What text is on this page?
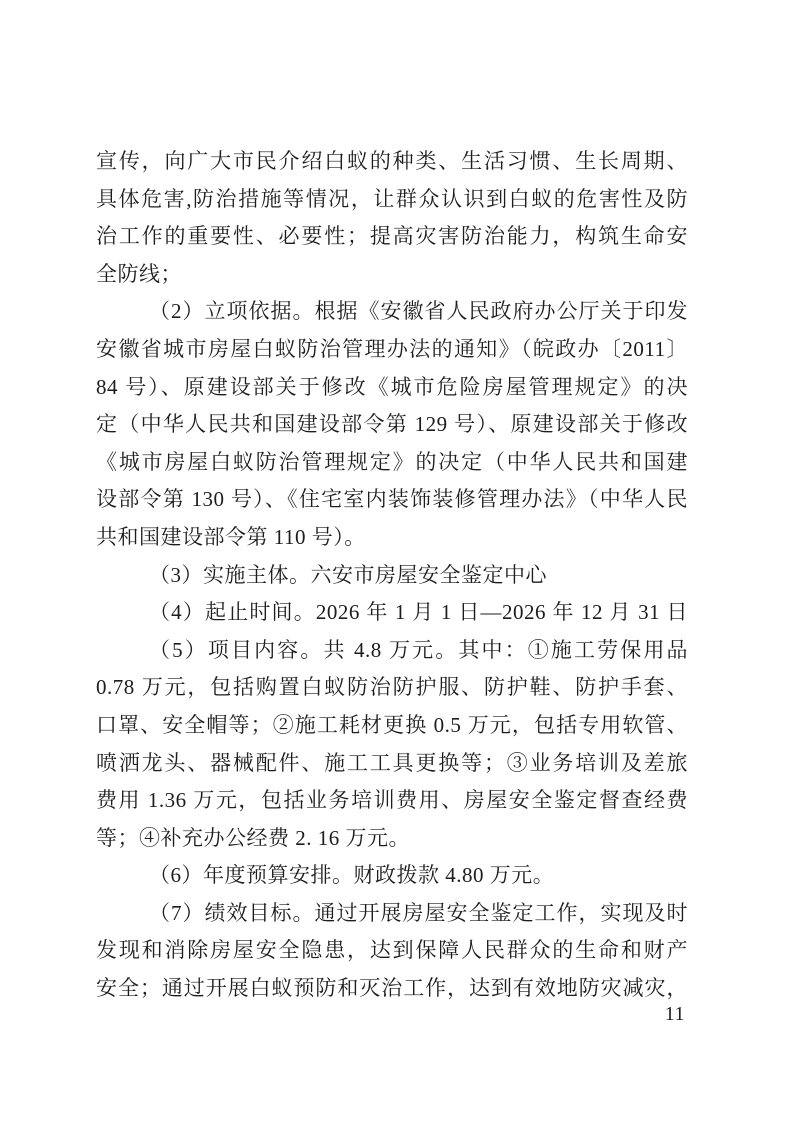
宣传，向广大市民介绍白蚁的种类、生活习惯、生长周期、
具体危害,防治措施等情况，让群众认识到白蚁的危害性及防
治工作的重要性、必要性；提高灾害防治能力，构筑生命安
全防线；
（2）立项依据。根据《安徽省人民政府办公厅关于印发
安徽省城市房屋白蚁防治管理办法的通知》（皖政办〔2011〕
84 号）、原建设部关于修改《城市危险房屋管理规定》的决
定（中华人民共和国建设部令第 129 号）、原建设部关于修改
《城市房屋白蚁防治管理规定》的决定（中华人民共和国建
设部令第 130 号）、《住宅室内装饰装修管理办法》（中华人民
共和国建设部令第 110 号）。
（3）实施主体。六安市房屋安全鉴定中心
（4）起止时间。2026 年 1 月 1 日—2026 年 12 月 31 日
（5）项目内容。共 4.8 万元。其中：①施工劳保用品
0.78 万元，包括购置白蚁防治防护服、防护鞋、防护手套、
口罩、安全帽等；②施工耗材更换 0.5 万元，包括专用软管、
喷洒龙头、器械配件、施工工具更换等；③业务培训及差旅
费用 1.36 万元，包括业务培训费用、房屋安全鉴定督查经费
等；④补充办公经费 2. 16 万元。
（6）年度预算安排。财政拨款 4.80 万元。
（7）绩效目标。通过开展房屋安全鉴定工作，实现及时
发现和消除房屋安全隐患，达到保障人民群众的生命和财产
安全；通过开展白蚁预防和灭治工作，达到有效地防灾减灾，
11
